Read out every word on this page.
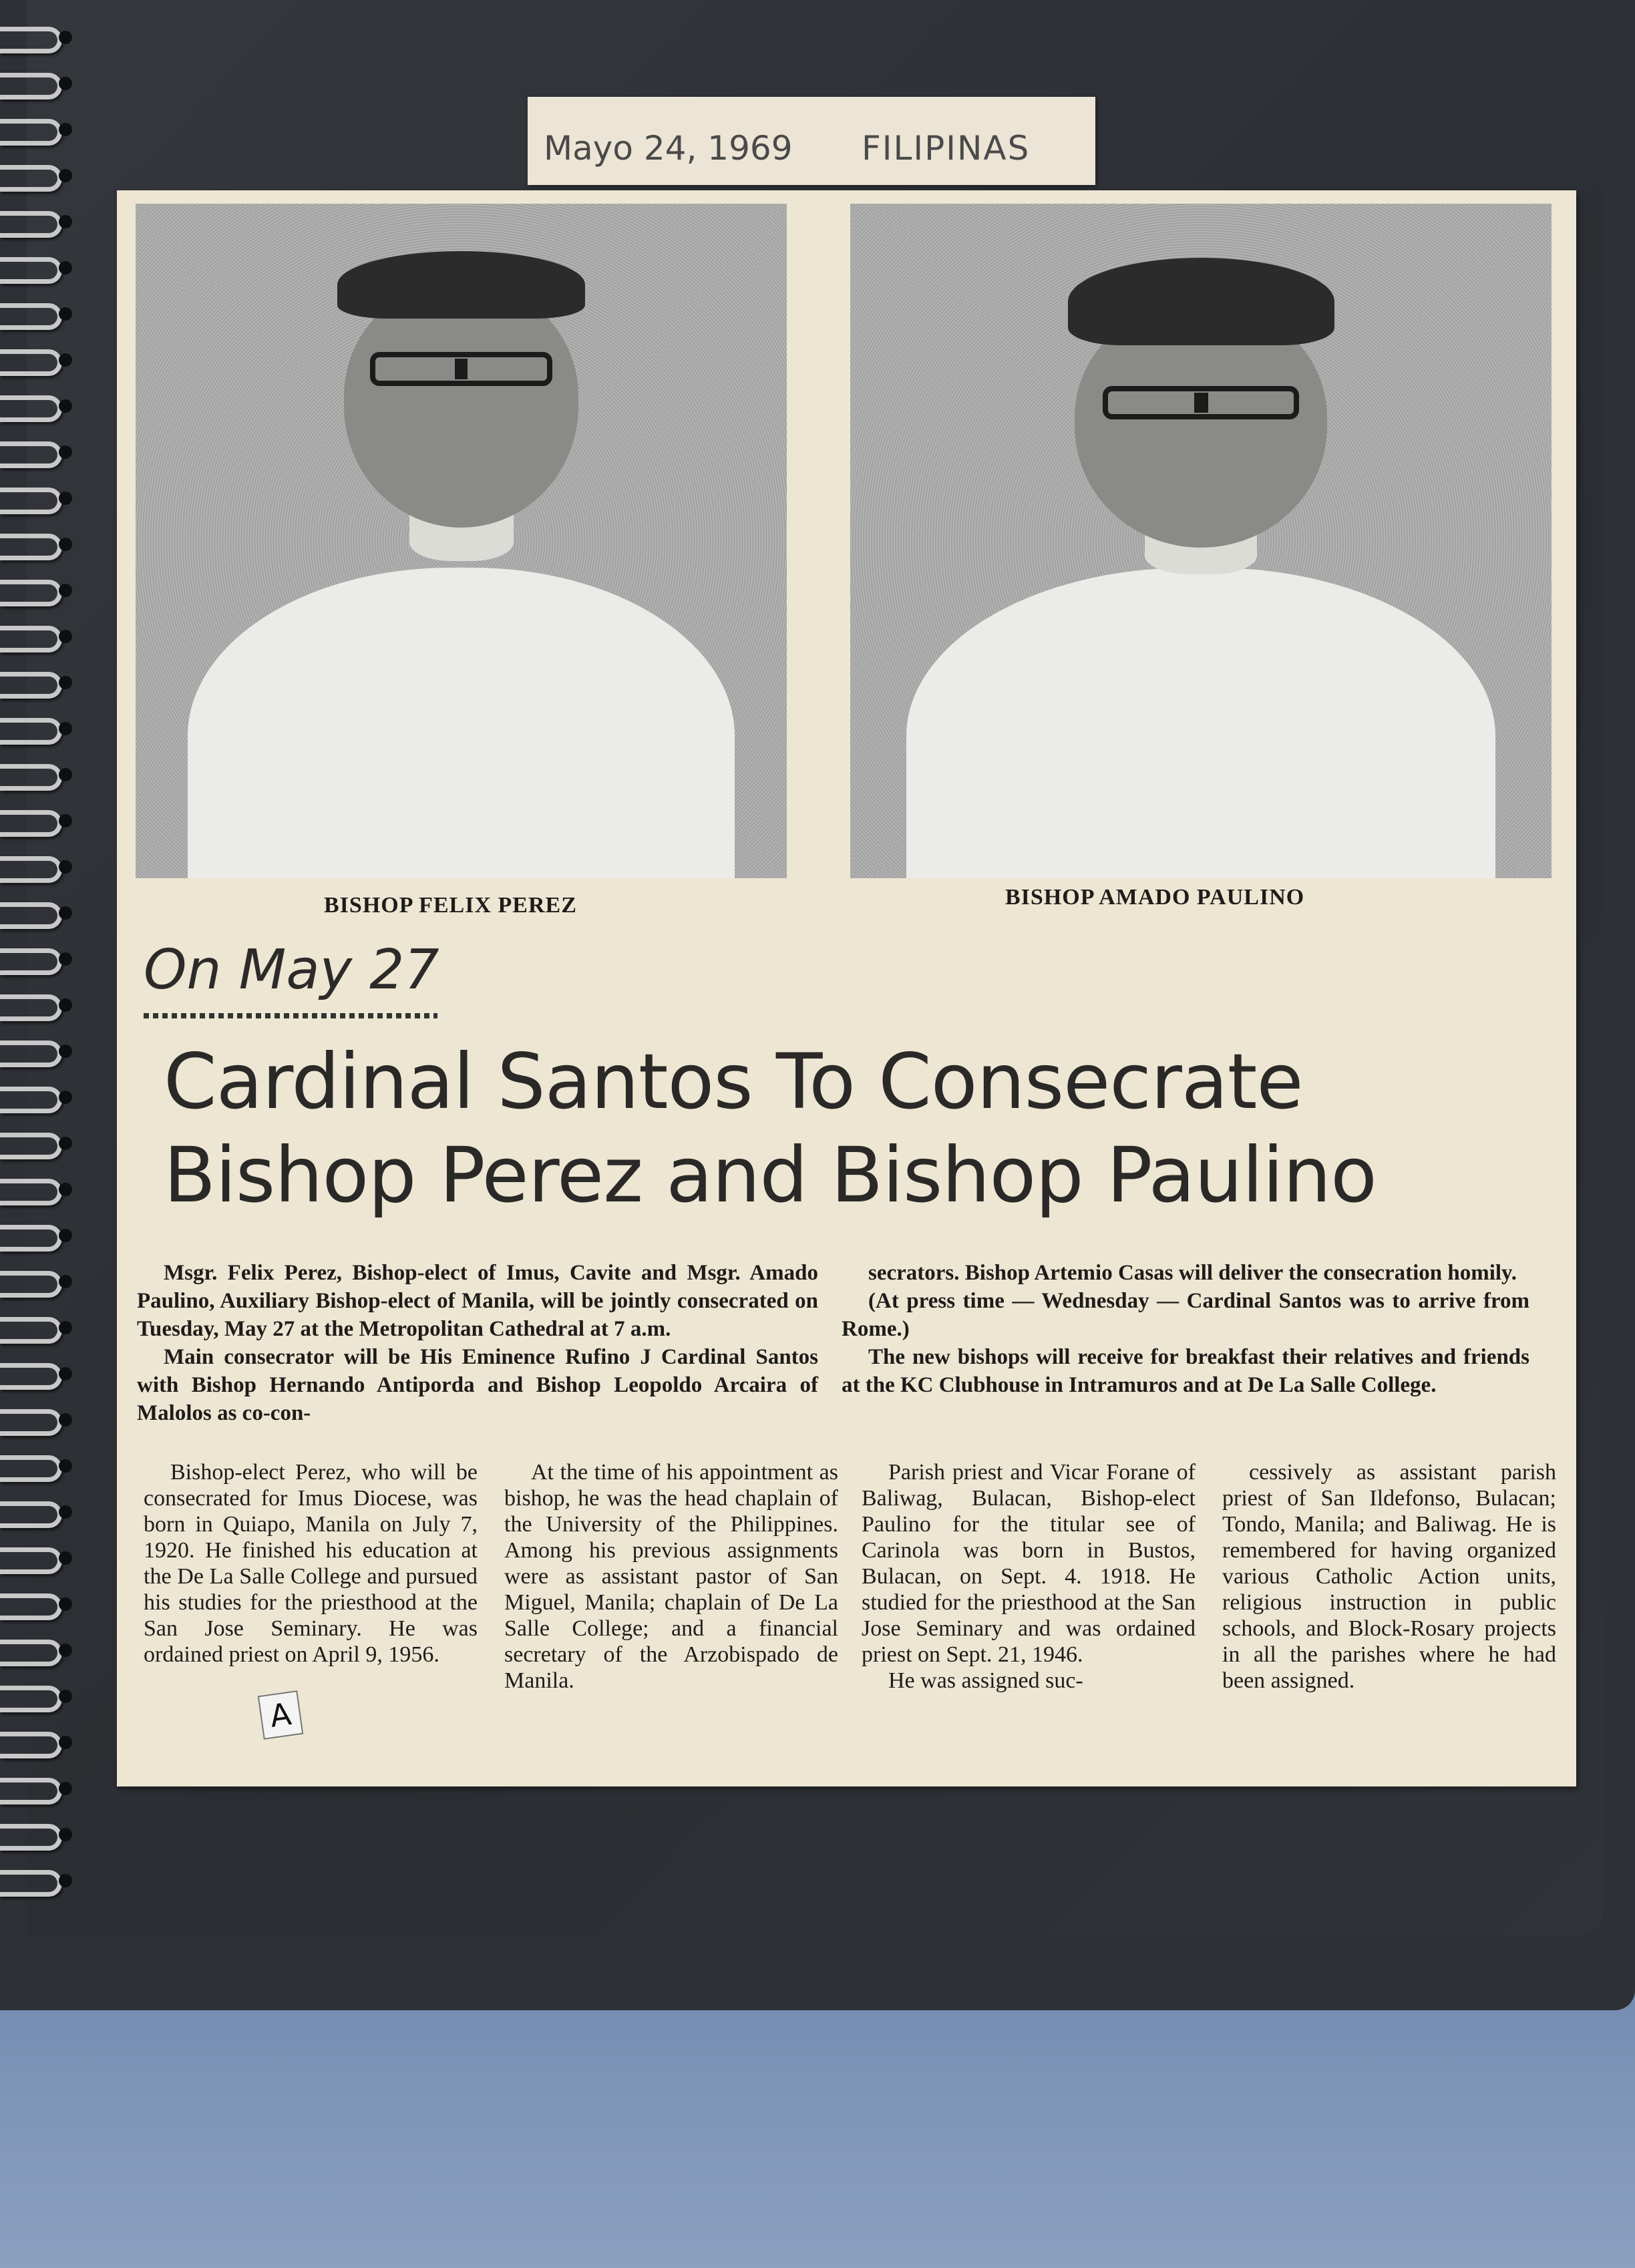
Mayo 24, 1969 FILIPINAS
BISHOP FELIX PEREZ	BISHOP AMADO PAULINO
On May 27
Cardinal Santos To Consecrate
Bishop Perez and Bishop Paulino

Msgr. Felix Perez, Bishop-elect of Imus, Cavite and Msgr. Amado Paulino, Auxiliary Bishop-elect of Manila, will be jointly consecrated on Tuesday, May 27 at the Metropolitan Cathedral at 7 a.m.

Main consecrator will be His Eminence Rufino J Cardinal Santos with Bishop Hernando Antiporda and Bishop Leopoldo Arcaira of Malolos as co-con-

secrators. Bishop Artemio Casas will deliver the consecration homily.

(At press time — Wednesday — Cardinal Santos was to arrive from Rome.)

The new bishops will receive for breakfast their relatives and friends at the KC Clubhouse in Intramuros and at De La Salle College.

Bishop-elect Perez, who will be consecrated for Imus Diocese, was born in Quiapo, Manila on July 7, 1920. He finished his education at the De La Salle College and pursued his studies for the priesthood at the San Jose Seminary. He was ordained priest on April 9, 1956.

At the time of his appointment as bishop, he was the head chaplain of the University of the Philippines. Among his previous assignments were as assistant pastor of San Miguel, Manila; chaplain of De La Salle College; and a financial secretary of the Arzobispado de Manila.

Parish priest and Vicar Forane of Baliwag, Bulacan, Bishop-elect Paulino for the titular see of Carinola was born in Bustos, Bulacan, on Sept. 4. 1918. He studied for the priesthood at the San Jose Seminary and was ordained priest on Sept. 21, 1946.

He was assigned suc-

cessively as assistant parish priest of San Ildefonso, Bulacan; Tondo, Manila; and Baliwag. He is remembered for having organized various Catholic Action units, religious instruction in public schools, and Block-Rosary projects in all the parishes where he had been assigned.

A
